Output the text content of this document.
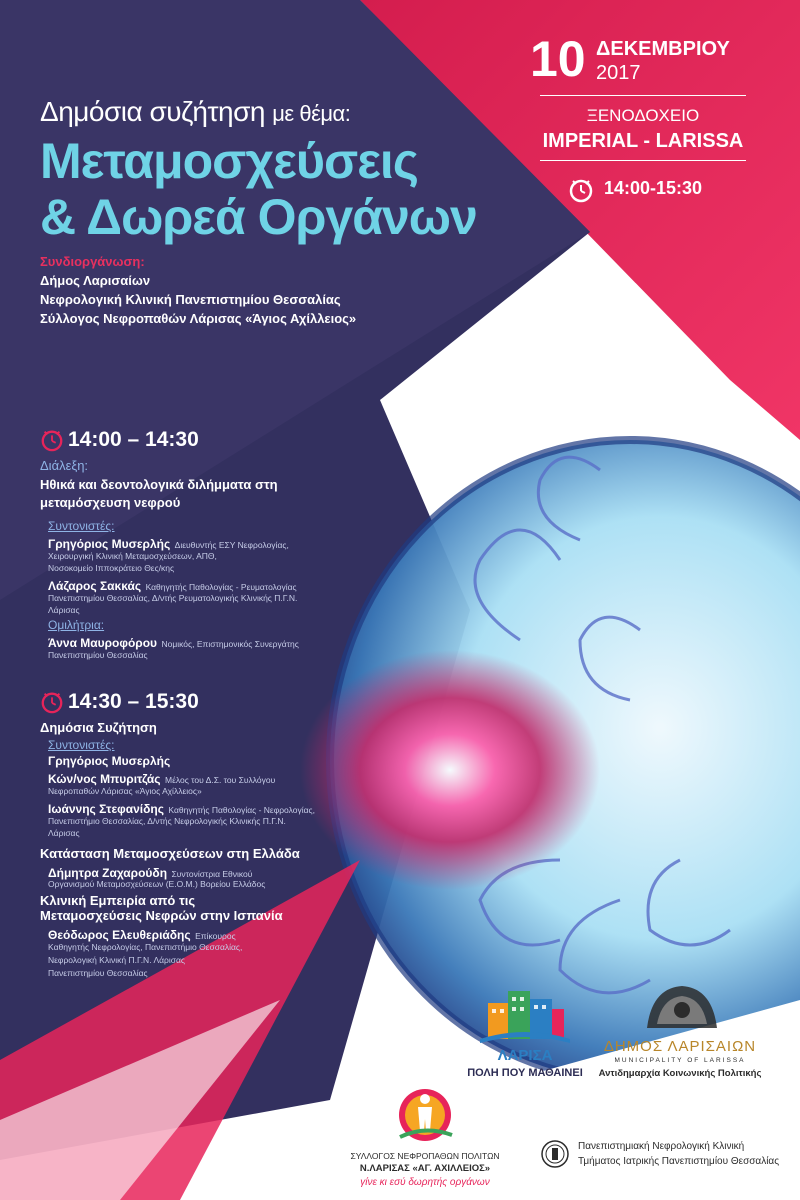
Δημόσια συζήτηση με θέμα:
Μεταμοσχεύσεις
& Δωρεά Οργάνων
Συνδιοργάνωση:
Δήμος Λαρισαίων
Νεφρολογική Κλινική Πανεπιστημίου Θεσσαλίας
Σύλλογος Νεφροπαθών Λάρισας «Άγιος Αχίλλειος»
10 ΔΕΚΕΜΒΡΙΟΥ
2017
ΞΕΝΟΔΟΧΕΙΟ
IMPERIAL - LARISSA
14:00-15:30
14:00 – 14:30
Διάλεξη:
Ηθικά και δεοντολογικά διλήμματα στη
μεταμόσχευση νεφρού
Συντονιστές:
Γρηγόριος Μυσερλής Διευθυντής ΕΣΥ Νεφρολογίας,
Χειρουργική Κλινική Μεταμοσχεύσεων, ΑΠΘ,
Νοσοκομείο Ιπποκράτειο Θες/κης
Λάζαρος Σακκάς Καθηγητής Παθολογίας - Ρευματολογίας
Πανεπιστημίου Θεσσαλίας, Δ/ντής Ρευματολογικής Κλινικής Π.Γ.Ν.
Λάρισας
Ομιλήτρια:
Άννα Μαυροφόρου Νομικός, Επιστημονικός Συνεργάτης
Πανεπιστημίου Θεσσαλίας
14:30 – 15:30
Δημόσια Συζήτηση
Συντονιστές:
Γρηγόριος Μυσερλής
Κών/νος Μπυριτζάς Μέλος του Δ.Σ. του Συλλόγου
Νεφροπαθών Λάρισας «Άγιος Αχίλλειος»
Ιωάννης Στεφανίδης Καθηγητής Παθολογίας - Νεφρολογίας,
Πανεπιστήμιο Θεσσαλίας, Δ/ντής Νεφρολογικής Κλινικής Π.Γ.Ν.
Λάρισας
Κατάσταση Μεταμοσχεύσεων στη Ελλάδα
Δήμητρα Ζαχαρούδη Συντονίστρια Εθνικού
Οργανισμού Μεταμοσχεύσεων (Ε.Ο.Μ.) Βορείου Ελλάδος
Κλινική Εμπειρία από τις
Μεταμοσχεύσεις Νεφρών στην Ισπανία
Θεόδωρος Ελευθεριάδης Επίκουρος
Καθηγητής Νεφρολογίας, Πανεπιστήμιο Θεσσαλίας,
Νεφρολογική Κλινική Π.Γ.Ν. Λάρισας
Πανεπιστημίου Θεσσαλίας
ΛΑΡΙΣΑ
ΠΟΛΗ ΠΟΥ ΜΑΘΑΙΝΕΙ
ΔΗΜΟΣ ΛΑΡΙΣΑΙΩΝ
MUNICIPALITY OF LARISSA
Αντιδημαρχία Κοινωνικής Πολιτικής
ΣΥΛΛΟΓΟΣ ΝΕΦΡΟΠΑΘΩΝ ΠΟΛΙΤΩΝ
Ν.ΛΑΡΙΣΑΣ «ΑΓ. ΑΧΙΛΛΕΙΟΣ»
γίνε κι εσύ δωρητής οργάνων
Πανεπιστημιακή Νεφρολογική Κλινική
Τμήματος Ιατρικής Πανεπιστημίου Θεσσαλίας
